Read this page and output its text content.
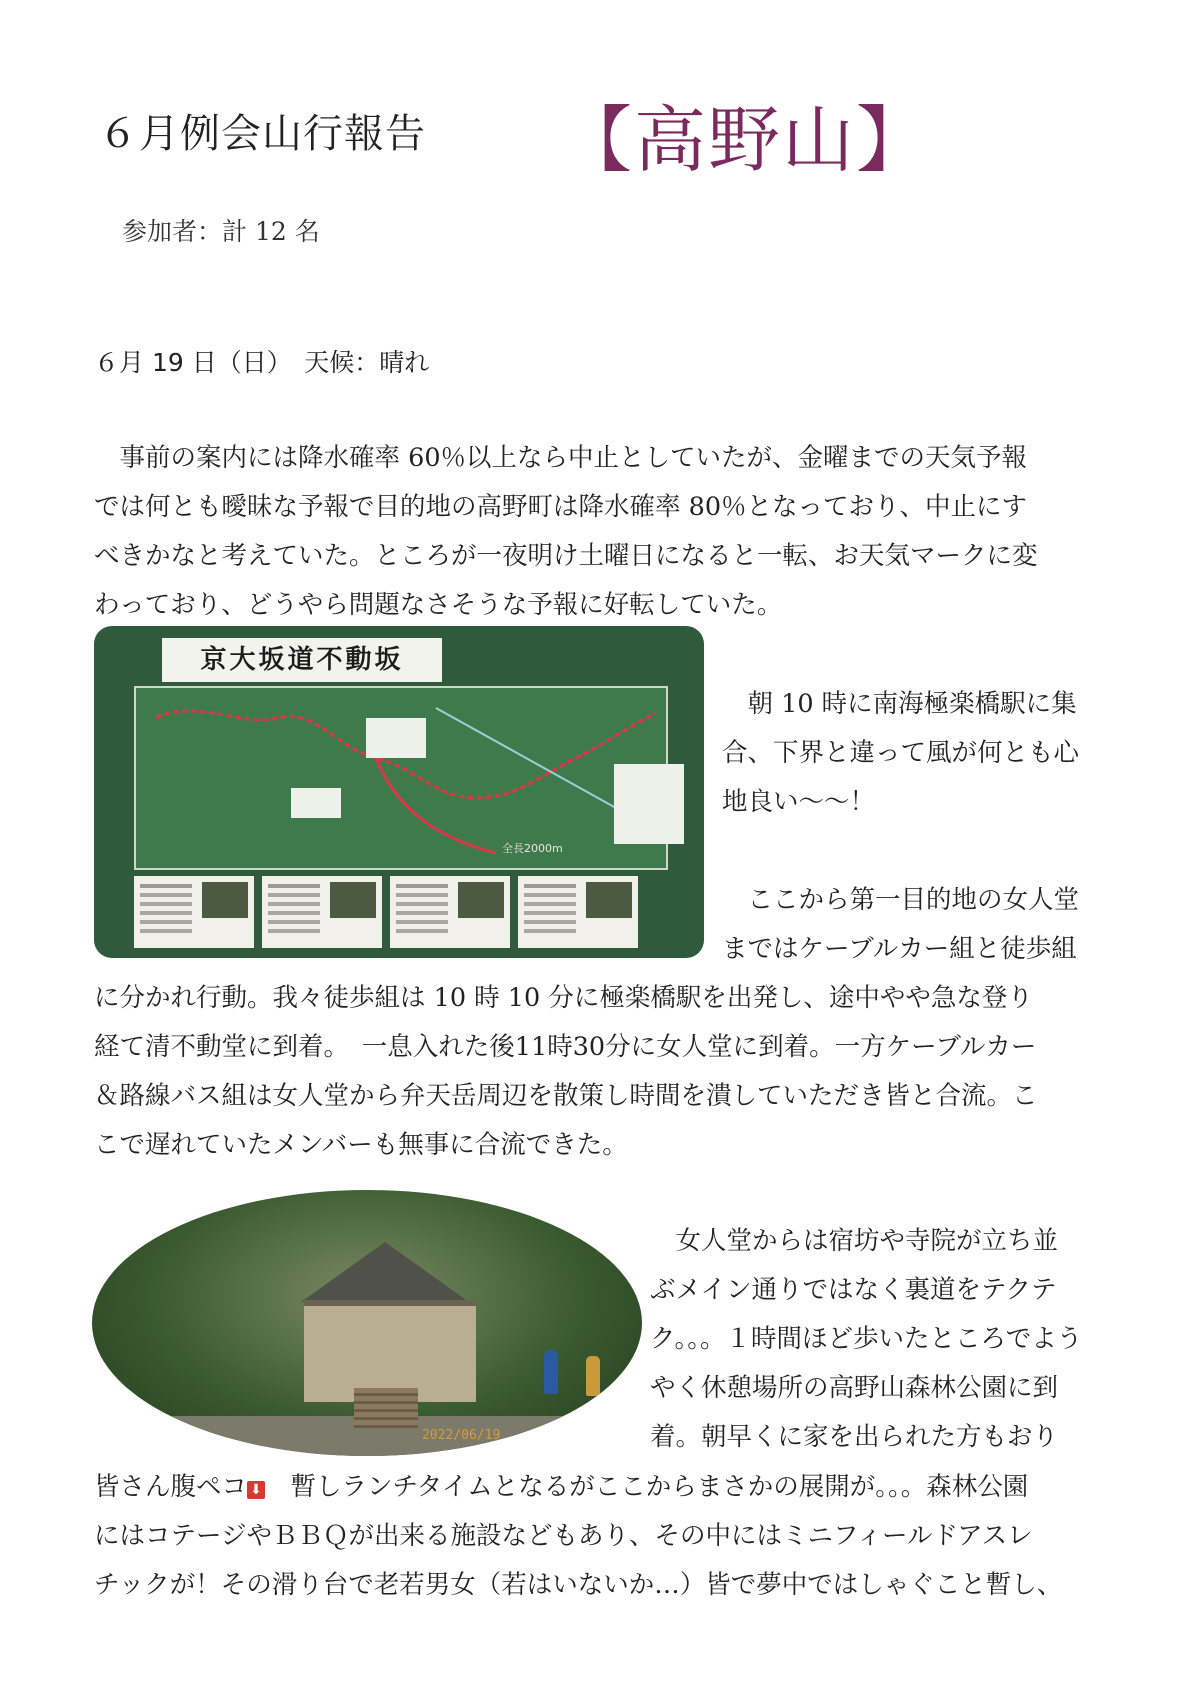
６月例会山行報告 【高野山】
参加者：計 12 名
６月 19 日（日）　天候：晴れ
　事前の案内には降水確率 60％以上なら中止としていたが、金曜までの天気予報
では何とも曖昧な予報で目的地の高野町は降水確率 80％となっており、中止にす
べきかなと考えていた。ところが一夜明け土曜日になると一転、お天気マークに変
わっており、どうやら問題なさそうな予報に好転していた。
京大坂道不動坂
全長2000m
　朝 10 時に南海極楽橋駅に集
合、下界と違って風が何とも心
地良い～～！
　ここから第一目的地の女人堂
まではケーブルカー組と徒歩組
に分かれ行動。我々徒歩組は 10 時 10 分に極楽橋駅を出発し、途中やや急な登り
経て清不動堂に到着。　一息入れた後11時30分に女人堂に到着。一方ケーブルカー
＆路線バス組は女人堂から弁天岳周辺を散策し時間を潰していただき皆と合流。こ
こで遅れていたメンバーも無事に合流できた。
2022/06/19
　女人堂からは宿坊や寺院が立ち並
ぶメイン通りではなく裏道をテクテ
ク。。。１時間ほど歩いたところでよう
やく休憩場所の高野山森林公園に到
着。朝早くに家を出られた方もおり
皆さん腹ペコ ⬇　暫しランチタイムとなるがここからまさかの展開が。。。森林公園
にはコテージやＢＢＱが出来る施設などもあり、その中にはミニフィールドアスレ
チックが！その滑り台で老若男女（若はいないか…）皆で夢中ではしゃぐこと暫し、
